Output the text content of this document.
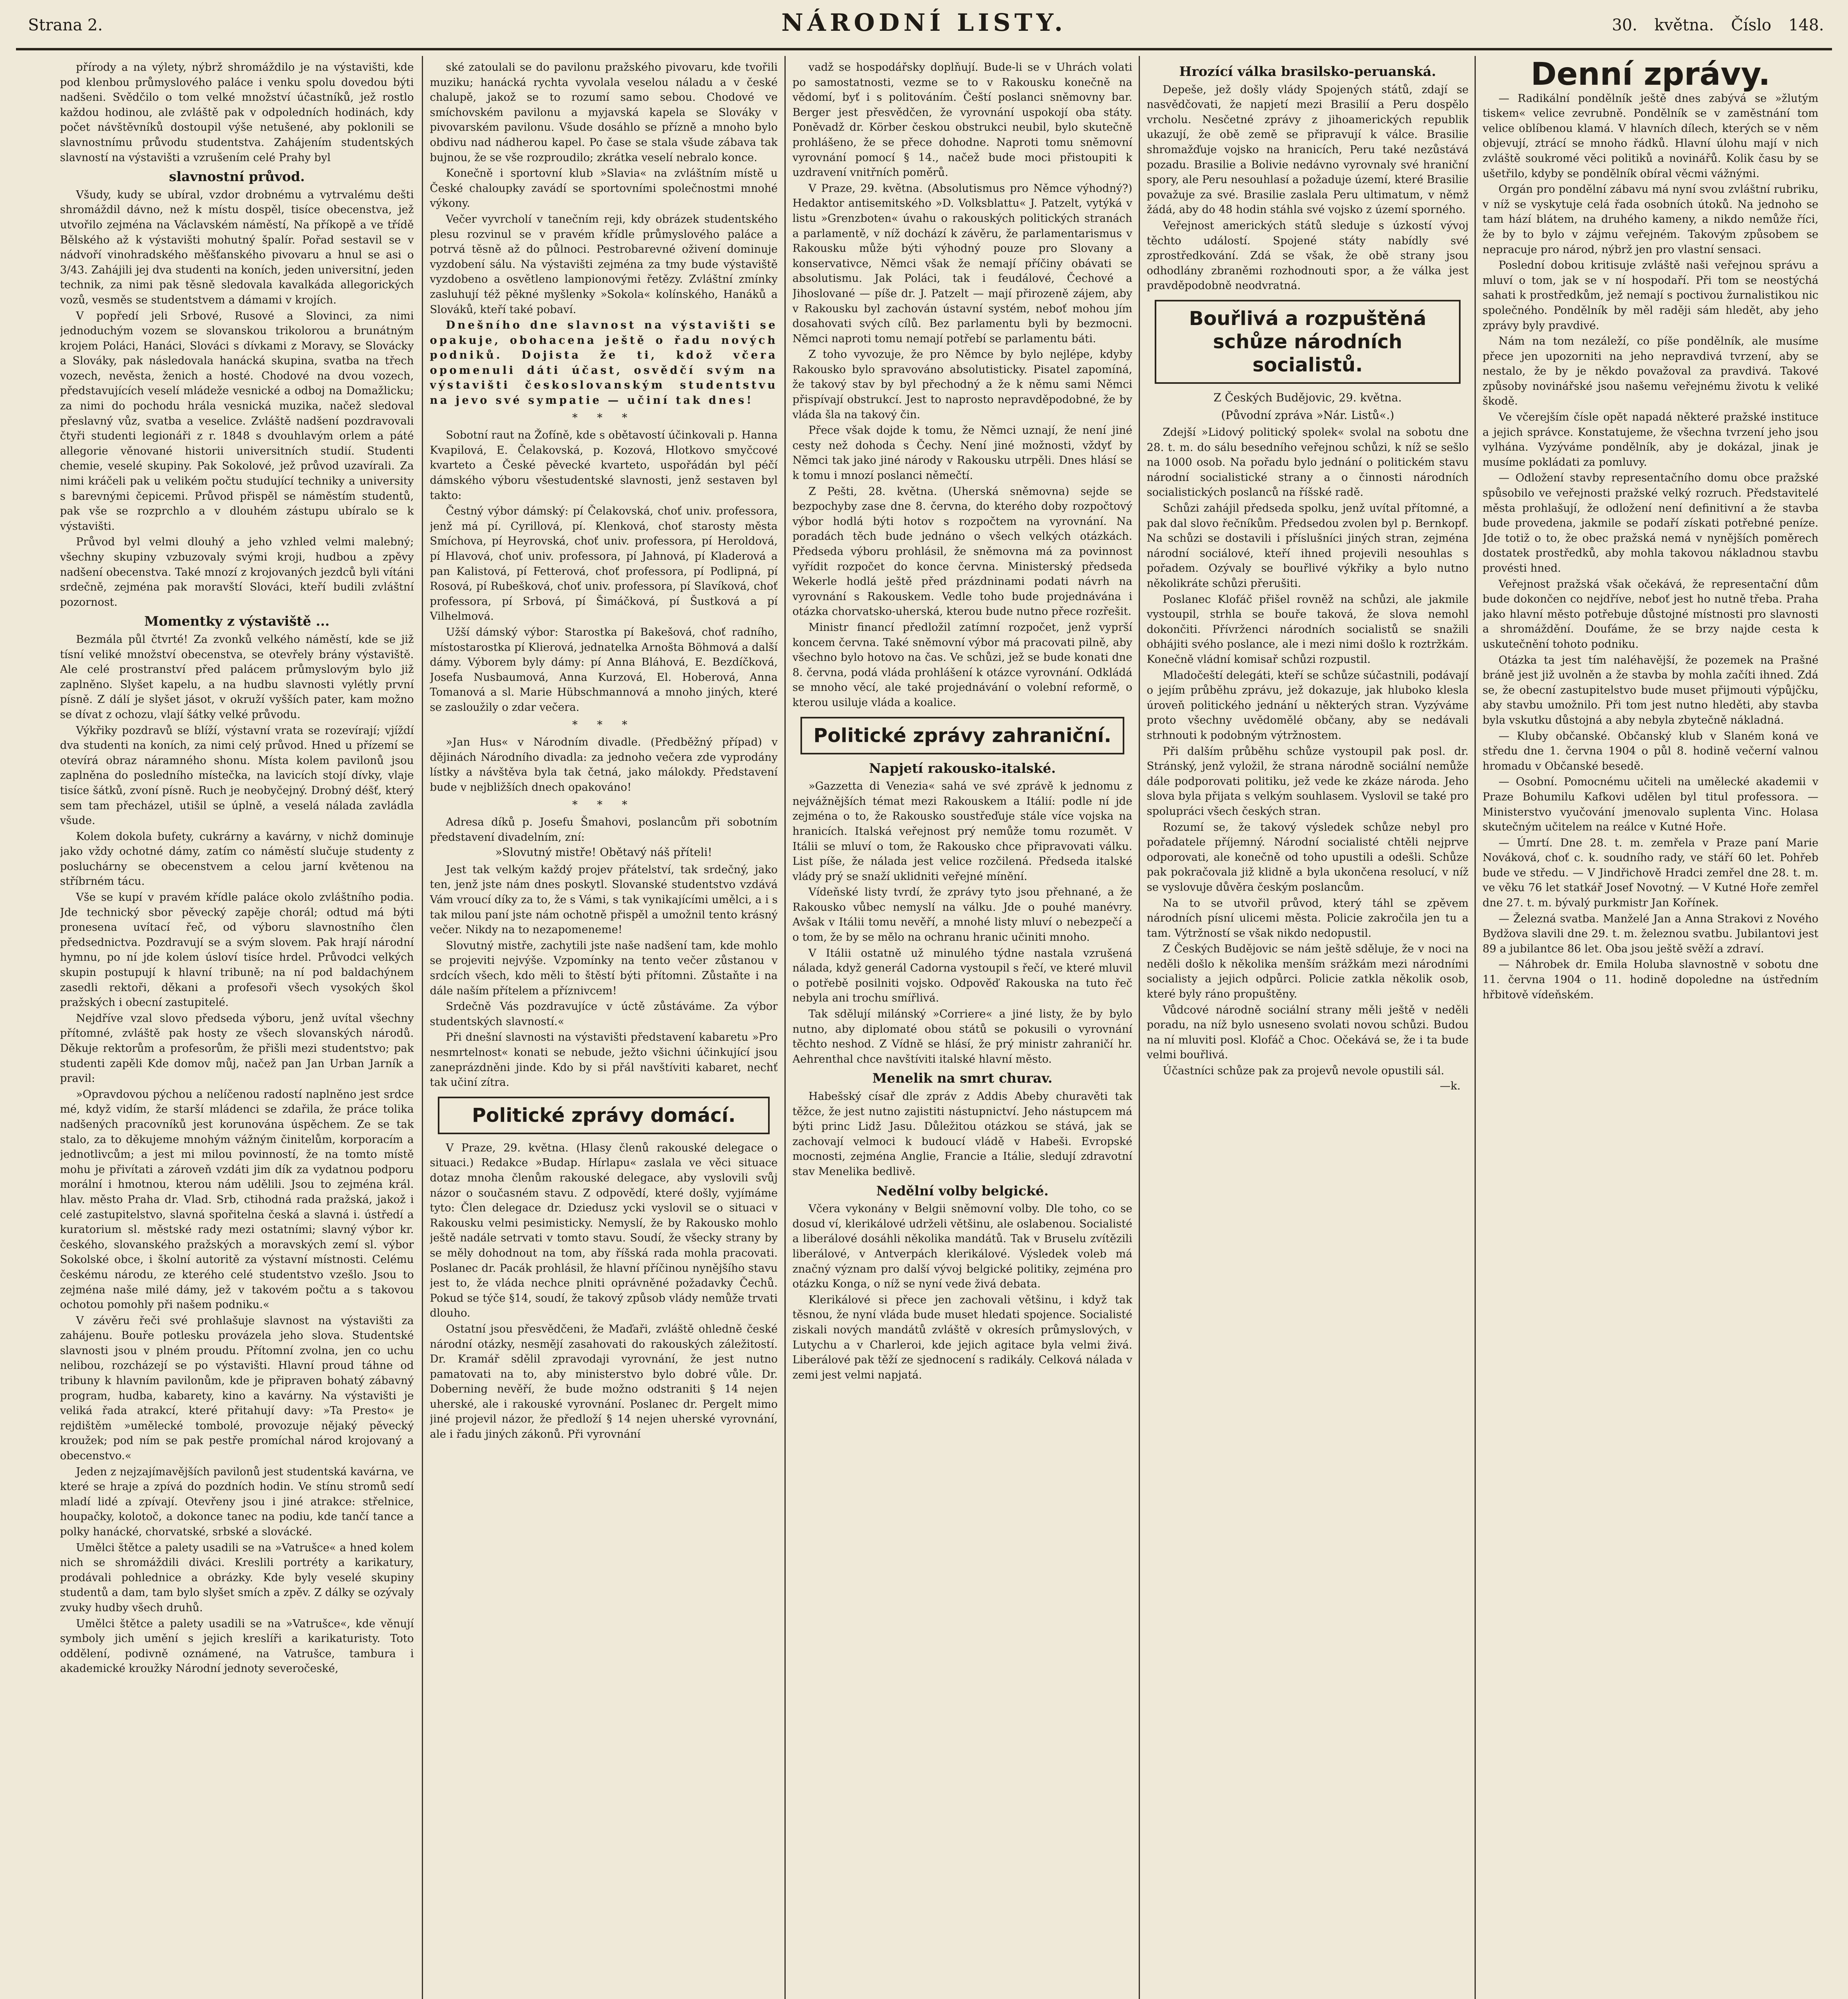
Strana 2.	NÁRODNÍ LISTY.	30. května. Číslo 148.

přírody a na výlety, nýbrž shromáždilo je na výstavišti, kde pod klenbou průmyslového paláce i venku spolu dovedou býti nadšeni. Svědčilo o tom velké množství účastníků, jež rostlo každou hodinou, ale zvláště pak v odpoledních hodinách, kdy počet návštěvníků dostoupil výše netušené, aby poklonili se slavnostnímu průvodu studentstva. Zahájením studentských slavností na výstavišti a vzrušením celé Prahy byl

slavnostní průvod.

Všudy, kudy se ubíral, vzdor drobnému a vytrvalému dešti shromáždil dávno, než k místu dospěl, tisíce obecenstva, jež utvořilo zejména na Václavském náměstí, Na příkopě a ve třídě Bělského až k výstavišti mohutný špalír. Pořad sestavil se v nádvoří vinohradského měšťanského pivovaru a hnul se asi o 3/43. Zahájili jej dva studenti na koních, jeden universitní, jeden technik, za nimi pak těsně sledovala kavalkáda allegorických vozů, vesměs se studentstvem a dámami v krojích.

V popředí jeli Srbové, Rusové a Slovinci, za nimi jednoduchým vozem se slovanskou trikolorou a brunátným krojem Poláci, Hanáci, Slováci s dívkami z Moravy, se Slovácky a Slováky, pak následovala hanácká skupina, svatba na třech vozech, nevěsta, ženich a hosté. Chodové na dvou vozech, představujících veselí mládeže vesnické a odboj na Domažlicku; za nimi do pochodu hrála vesnická muzika, načež sledoval přeslavný vůz, svatba a veselice. Zvláště nadšení pozdravovali čtyři studenti legionáři z r. 1848 s dvouhlavým orlem a páté allegorie věnované historii universitních studií. Studenti chemie, veselé skupiny. Pak Sokolové, jež průvod uzavírali. Za nimi kráčeli pak u velikém počtu studující techniky a university s barevnými čepicemi. Průvod přispěl se náměstím studentů, pak vše se rozprchlo a v dlouhém zástupu ubíralo se k výstavišti.

Průvod byl velmi dlouhý a jeho vzhled velmi malebný; všechny skupiny vzbuzovaly svými kroji, hudbou a zpěvy nadšení obecenstva. Také mnozí z krojovaných jezdců byli vítáni srdečně, zejména pak moravští Slováci, kteří budili zvláštní pozornost.

Momentky z výstaviště ...

Bezmála půl čtvrté! Za zvonků velkého náměstí, kde se již tísní veliké množství obecenstva, se otevřely brány výstaviště. Ale celé prostranství před palácem průmyslovým bylo již zaplněno. Slyšet kapelu, a na hudbu slavnosti vylétly první písně. Z dálí je slyšet jásot, v okruží vyšších pater, kam možno se dívat z ochozu, vlají šátky velké průvodu.

Výkřiky pozdravů se blíží, výstavní vrata se rozevírají; vjíždí dva studenti na koních, za nimi celý průvod. Hned u přízemí se otevírá obraz náramného shonu. Místa kolem pavilonů jsou zaplněna do posledního místečka, na lavicích stojí dívky, vlaje tisíce šátků, zvoní písně. Ruch je neobyčejný. Drobný déšť, který sem tam přecházel, utišil se úplně, a veselá nálada zavládla všude.

Kolem dokola bufety, cukrárny a kavárny, v nichž dominuje jako vždy ochotné dámy, zatím co náměstí slučuje studenty z posluchárny se obecenstvem a celou jarní květenou na stříbrném tácu.

Vše se kupí v pravém křídle paláce okolo zvláštního podia. Jde technický sbor pěvecký zapěje chorál; odtud má býti pronesena uvítací řeč, od výboru slavnostního člen předsednictva. Pozdravují se a svým slovem. Pak hrají národní hymnu, po ní jde kolem úsloví tisíce hrdel. Průvodci velkých skupin postupují k hlavní tribuně; na ní pod baldachýnem zasedli rektoři, děkani a profesoři všech vysokých škol pražských i obecní zastupitelé.

Nejdříve vzal slovo předseda výboru, jenž uvítal všechny přítomné, zvláště pak hosty ze všech slovanských národů. Děkuje rektorům a profesorům, že přišli mezi studentstvo; pak studenti zapěli Kde domov můj, načež pan Jan Urban Jarník a pravil:

»Opravdovou pýchou a nelíčenou radostí naplněno jest srdce mé, když vidím, že starší mládenci se zdařila, že práce tolika nadšených pracovníků jest korunována úspěchem. Ze se tak stalo, za to děkujeme mnohým vážným činitelům, korporacím a jednotlivcům; a jest mi milou povinností, že na tomto místě mohu je přivítati a zároveň vzdáti jim dík za vydatnou podporu morální i hmotnou, kterou nám udělili. Jsou to zejména král. hlav. město Praha dr. Vlad. Srb, ctihodná rada pražská, jakož i celé zastupitelstvo, slavná spořitelna česká a slavná i. ústředí a kuratorium sl. městské rady mezi ostatními; slavný výbor kr. českého, slovanského pražských a moravských zemí sl. výbor Sokolské obce, i školní autoritě za výstavní místnosti. Celému českému národu, ze kterého celé studentstvo vzešlo. Jsou to zejména naše milé dámy, jež v takovém počtu a s takovou ochotou pomohly při našem podniku.«

V závěru řeči své prohlašuje slavnost na výstavišti za zahájenu. Bouře potlesku provázela jeho slova. Studentské slavnosti jsou v plném proudu. Přítomní zvolna, jen co uchu nelibou, rozcházejí se po výstavišti. Hlavní proud táhne od tribuny k hlavním pavilonům, kde je připraven bohatý zábavný program, hudba, kabarety, kino a kavárny. Na výstavišti je veliká řada atrakcí, které přitahují davy: »Ta Presto« je rejdištěm »umělecké tombolé, provozuje nějaký pěvecký kroužek; pod ním se pak pestře promíchal národ krojovaný a obecenstvo.«

Jeden z nejzajímavějších pavilonů jest studentská kavárna, ve které se hraje a zpívá do pozdních hodin. Ve stínu stromů sedí mladí lidé a zpívají. Otevřeny jsou i jiné atrakce: střelnice, houpačky, kolotoč, a dokonce tanec na podiu, kde tančí tance a polky hanácké, chorvatské, srbské a slovácké.

Umělci štětce a palety usadili se na »Vatrušce« a hned kolem nich se shromáždili diváci. Kreslili portréty a karikatury, prodávali pohlednice a obrázky. Kde byly veselé skupiny studentů a dam, tam bylo slyšet smích a zpěv. Z dálky se ozývaly zvuky hudby všech druhů.

Umělci štětce a palety usadili se na »Vatrušce«, kde věnují symboly jich umění s jejich kreslíři a karikaturisty. Toto oddělení, podivně oznámené, na Vatrušce, tambura i akademické kroužky Národní jednoty severočeské,

ské zatoulali se do pavilonu pražského pivovaru, kde tvořili muziku; hanácká rychta vyvolala veselou náladu a v české chalupě, jakož se to rozumí samo sebou. Chodové ve smíchovském pavilonu a myjavská kapela se Slováky v pivovarském pavilonu. Všude dosáhlo se přízně a mnoho bylo obdivu nad nádherou kapel. Po čase se stala všude zábava tak bujnou, že se vše rozproudilo; zkrátka veselí nebralo konce.

Konečně i sportovní klub »Slavia« na zvláštním místě u České chaloupky zavádí se sportovními společnostmi mnohé výkony.

Večer vyvrcholí v tanečním reji, kdy obrázek studentského plesu rozvinul se v pravém křídle průmyslového paláce a potrvá těsně až do půlnoci. Pestrobarevné oživení dominuje vyzdobení sálu. Na výstavišti zejména za tmy bude výstaviště vyzdobeno a osvětleno lampionovými řetězy. Zvláštní zmínky zasluhují též pěkné myšlenky »Sokola« kolínského, Hanáků a Slováků, kteří také pobaví.

Dnešního dne slavnost na výstavišti se opakuje, obohacena ještě o řadu nových podniků. Dojista že ti, kdož včera opomenuli dáti účast, osvědčí svým na výstavišti českoslovanským studentstvu na jevo své sympatie — učiní tak dnes!

* * *

Sobotní raut na Žofíně, kde s obětavostí účinkovali p. Hanna Kvapilová, E. Čelakovská, p. Kozová, Hlotkovo smyčcové kvarteto a České pěvecké kvarteto, uspořádán byl péčí dámského výboru všestudentské slavnosti, jenž sestaven byl takto:

Čestný výbor dámský: pí Čelakovská, choť univ. professora, jenž má pí. Cyrillová, pí. Klenková, choť starosty města Smíchova, pí Heyrovská, choť univ. professora, pí Heroldová, pí Hlavová, choť univ. professora, pí Jahnová, pí Kladerová a pan Kalistová, pí Fetterová, choť professora, pí Podlipná, pí Rosová, pí Rubešková, choť univ. professora, pí Slavíková, choť professora, pí Srbová, pí Šimáčková, pí Šustková a pí Vilhelmová.

Užší dámský výbor: Starostka pí Bakešová, choť radního, místostarostka pí Klierová, jednatelka Arnošta Böhmová a další dámy. Výborem byly dámy: pí Anna Bláhová, E. Bezdíčková, Josefa Nusbaumová, Anna Kurzová, El. Hoberová, Anna Tomanová a sl. Marie Hübschmannová a mnoho jiných, které se zasloužily o zdar večera.

* * *

»Jan Hus« v Národním divadle. (Předběžný případ) v dějinách Národního divadla: za jednoho večera zde vyprodány lístky a návštěva byla tak četná, jako málokdy. Představení bude v nejbližších dnech opakováno!

* * *

Adresa díků p. Josefu Šmahovi, poslancům při sobotním představení divadelním, zní:

»Slovutný mistře! Obětavý náš příteli!

Jest tak velkým každý projev přátelství, tak srdečný, jako ten, jenž jste nám dnes poskytl. Slovanské studentstvo vzdává Vám vroucí díky za to, že s Vámi, s tak vynikajícími umělci, a i s tak milou paní jste nám ochotně přispěl a umožnil tento krásný večer. Nikdy na to nezapomeneme!

Slovutný mistře, zachytili jste naše nadšení tam, kde mohlo se projeviti nejvýše. Vzpomínky na tento večer zůstanou v srdcích všech, kdo měli to štěstí býti přítomni. Zůstaňte i na dále naším přítelem a příznivcem!

Srdečně Vás pozdravujíce v úctě zůstáváme. Za výbor studentských slavností.«

Při dnešní slavnosti na výstavišti představení kabaretu »Pro nesmrtelnost« konati se nebude, ježto všichni účinkující jsou zaneprázdněni jinde. Kdo by si přál navštíviti kabaret, nechť tak učiní zítra.

Politické zprávy domácí.

V Praze, 29. května. (Hlasy členů rakouské delegace o situaci.) Redakce »Budap. Hírlapu« zaslala ve věci situace dotaz mnoha členům rakouské delegace, aby vyslovili svůj názor o současném stavu. Z odpovědí, které došly, vyjímáme tyto: Člen delegace dr. Dziedusz ycki vyslovil se o situaci v Rakousku velmi pesimisticky. Nemyslí, že by Rakousko mohlo ještě nadále setrvati v tomto stavu. Soudí, že všecky strany by se měly dohodnout na tom, aby říšská rada mohla pracovati. Poslanec dr. Pacák prohlásil, že hlavní příčinou nynějšího stavu jest to, že vláda nechce plniti oprávněné požadavky Čechů. Pokud se týče §14, soudí, že takový způsob vlády nemůže trvati dlouho.

Ostatní jsou přesvědčeni, že Maďaři, zvláště ohledně české národní otázky, nesmějí zasahovati do rakouských záležitostí. Dr. Kramář sdělil zpravodaji vyrovnání, že jest nutno pamatovati na to, aby ministerstvo bylo dobré vůle. Dr. Doberning nevěří, že bude možno odstraniti § 14 nejen uherské, ale i rakouské vyrovnání. Poslanec dr. Pergelt mimo jiné projevil názor, že předloží § 14 nejen uherské vyrovnání, ale i řadu jiných zákonů. Při vyrovnání

vadž se hospodářsky doplňují. Bude-li se v Uhrách volati po samostatnosti, vezme se to v Rakousku konečně na vědomí, byť i s politováním. Čeští poslanci sněmovny bar. Berger jest přesvědčen, že vyrovnání uspokojí oba státy. Poněvadž dr. Körber českou obstrukci neubil, bylo skutečně prohlášeno, že se přece dohodne. Naproti tomu sněmovní vyrovnání pomocí § 14., načež bude moci přistoupiti k uzdravení vnitřních poměrů.

V Praze, 29. května. (Absolutismus pro Němce výhodný?) Hedaktor antisemitského »D. Volksblattu« J. Patzelt, vytýká v listu »Grenzboten« úvahu o rakouských politických stranách a parlamentě, v níž dochází k závěru, že parlamentarismus v Rakousku může býti výhodný pouze pro Slovany a konservativce, Němci však že nemají příčiny obávati se absolutismu. Jak Poláci, tak i feudálové, Čechové a Jihoslované — píše dr. J. Patzelt — mají přirozeně zájem, aby v Rakousku byl zachován ústavní systém, neboť mohou jím dosahovati svých cílů. Bez parlamentu byli by bezmocni. Němci naproti tomu nemají potřebí se parlamentu báti.

Z toho vyvozuje, že pro Němce by bylo nejlépe, kdyby Rakousko bylo spravováno absolutisticky. Pisatel zapomíná, že takový stav by byl přechodný a že k němu sami Němci přispívají obstrukcí. Jest to naprosto nepravděpodobné, že by vláda šla na takový čin.

Přece však dojde k tomu, že Němci uznají, že není jiné cesty než dohoda s Čechy. Není jiné možnosti, vždyť by Němci tak jako jiné národy v Rakousku utrpěli. Dnes hlásí se k tomu i mnozí poslanci němečtí.

Z Pešti, 28. května. (Uherská sněmovna) sejde se bezpochyby zase dne 8. června, do kterého doby rozpočtový výbor hodlá býti hotov s rozpočtem na vyrovnání. Na poradách těch bude jednáno o všech velkých otázkách. Předseda výboru prohlásil, že sněmovna má za povinnost vyřídit rozpočet do konce června. Ministerský předseda Wekerle hodlá ještě před prázdninami podati návrh na vyrovnání s Rakouskem. Vedle toho bude projednávána i otázka chorvatsko-uherská, kterou bude nutno přece rozřešit.

Ministr financí předložil zatímní rozpočet, jenž vyprší koncem června. Také sněmovní výbor má pracovati pilně, aby všechno bylo hotovo na čas. Ve schůzi, jež se bude konati dne 8. června, podá vláda prohlášení k otázce vyrovnání. Odkládá se mnoho věcí, ale také projednávání o volební reformě, o kterou usiluje vláda a koalice.

Politické zprávy zahraniční.
Napjetí rakousko-italské.

»Gazzetta di Venezia« sahá ve své zprávě k jednomu z nejvážnějších témat mezi Rakouskem a Itálií: podle ní jde zejména o to, že Rakousko soustřeďuje stále více vojska na hranicích. Italská veřejnost prý nemůže tomu rozumět. V Itálii se mluví o tom, že Rakousko chce připravovati válku. List píše, že nálada jest velice rozčilená. Předseda italské vlády prý se snaží uklidniti veřejné mínění.

Vídeňské listy tvrdí, že zprávy tyto jsou přehnané, a že Rakousko vůbec nemyslí na válku. Jde o pouhé manévry. Avšak v Itálii tomu nevěří, a mnohé listy mluví o nebezpečí a o tom, že by se mělo na ochranu hranic učiniti mnoho.

V Itálii ostatně už minulého týdne nastala vzrušená nálada, když generál Cadorna vystoupil s řečí, ve které mluvil o potřebě posilniti vojsko. Odpověď Rakouska na tuto řeč nebyla ani trochu smířlivá.

Tak sdělují milánský »Corriere« a jiné listy, že by bylo nutno, aby diplomaté obou států se pokusili o vyrovnání těchto neshod. Z Vídně se hlásí, že prý ministr zahraničí hr. Aehrenthal chce navštíviti italské hlavní město.

Menelik na smrt churav.

Habešský císař dle zpráv z Addis Abeby churavěti tak těžce, že jest nutno zajistiti nástupnictví. Jeho nástupcem má býti princ Lidž Jasu. Důležitou otázkou se stává, jak se zachovají velmoci k budoucí vládě v Habeši. Evropské mocnosti, zejména Anglie, Francie a Itálie, sledují zdravotní stav Menelika bedlivě.

Nedělní volby belgické.

Včera vykonány v Belgii sněmovní volby. Dle toho, co se dosud ví, klerikálové udrželi většinu, ale oslabenou. Socialisté a liberálové dosáhli několika mandátů. Tak v Bruselu zvítězili liberálové, v Antverpách klerikálové. Výsledek voleb má značný význam pro další vývoj belgické politiky, zejména pro otázku Konga, o níž se nyní vede živá debata.

Klerikálové si přece jen zachovali většinu, i když tak těsnou, že nyní vláda bude muset hledati spojence. Socialisté ziskali nových mandátů zvláště v okresích průmyslových, v Lutychu a v Charleroi, kde jejich agitace byla velmi živá. Liberálové pak těží ze sjednocení s radikály. Celková nálada v zemi jest velmi napjatá.

Hrozící válka brasilsko-peruanská.

Depeše, jež došly vlády Spojených států, zdají se nasvědčovati, že napjetí mezi Brasilií a Peru dospělo vrcholu. Nesčetné zprávy z jihoamerických republik ukazují, že obě země se připravují k válce. Brasilie shromažďuje vojsko na hranicích, Peru také nezůstává pozadu. Brasilie a Bolivie nedávno vyrovnaly své hraniční spory, ale Peru nesouhlasí a požaduje území, které Brasilie považuje za své. Brasilie zaslala Peru ultimatum, v němž žádá, aby do 48 hodin stáhla své vojsko z území sporného.

Veřejnost amerických států sleduje s úzkostí vývoj těchto událostí. Spojené státy nabídly své zprostředkování. Zdá se však, že obě strany jsou odhodlány zbraněmi rozhodnouti spor, a že válka jest pravděpodobně neodvratná.

Bouřlivá a rozpuštěná schůze národních socialistů.
Z Českých Budějovic, 29. května.
(Původní zpráva »Nár. Listů«.)

Zdejší »Lidový politický spolek« svolal na sobotu dne 28. t. m. do sálu besedního veřejnou schůzi, k níž se sešlo na 1000 osob. Na pořadu bylo jednání o politickém stavu národní socialistické strany a o činnosti národních socialistických poslanců na říšské radě.

Schůzi zahájil předseda spolku, jenž uvítal přítomné, a pak dal slovo řečníkům. Předsedou zvolen byl p. Bernkopf. Na schůzi se dostavili i příslušníci jiných stran, zejména národní sociálové, kteří ihned projevili nesouhlas s pořadem. Ozývaly se bouřlivé výkřiky a bylo nutno několikráte schůzi přerušiti.

Poslanec Klofáč přišel rovněž na schůzi, ale jakmile vystoupil, strhla se bouře taková, že slova nemohl dokončiti. Přívrženci národních socialistů se snažili obhájiti svého poslance, ale i mezi nimi došlo k roztržkám. Konečně vládní komisař schůzi rozpustil.

Mladočeští delegáti, kteří se schůze súčastnili, podávají o jejím průběhu zprávu, jež dokazuje, jak hluboko klesla úroveň politického jednání u některých stran. Vyzýváme proto všechny uvědomělé občany, aby se nedávali strhnouti k podobným výtržnostem.

Při dalším průběhu schůze vystoupil pak posl. dr. Stránský, jenž vyložil, že strana národně sociální nemůže dále podporovati politiku, jež vede ke zkáze národa. Jeho slova byla přijata s velkým souhlasem. Vyslovil se také pro spolupráci všech českých stran.

Rozumí se, že takový výsledek schůze nebyl pro pořadatele příjemný. Národní socialisté chtěli nejprve odporovati, ale konečně od toho upustili a odešli. Schůze pak pokračovala již klidně a byla ukončena resolucí, v níž se vyslovuje důvěra českým poslancům.

Na to se utvořil průvod, který táhl se zpěvem národních písní ulicemi města. Policie zakročila jen tu a tam. Výtržností se však nikdo nedopustil.

Z Českých Budějovic se nám ještě sděluje, že v noci na neděli došlo k několika menším srážkám mezi národními socialisty a jejich odpůrci. Policie zatkla několik osob, které byly ráno propuštěny.

Vůdcové národně sociální strany měli ještě v neděli poradu, na níž bylo usneseno svolati novou schůzi. Budou na ní mluviti posl. Klofáč a Choc. Očekává se, že i ta bude velmi bouřlivá.

Účastníci schůze pak za projevů nevole opustili sál.

—k.
Denní zprávy.

— Radikální pondělník ještě dnes zabývá se »žlutým tiskem« velice zevrubně. Pondělník se v zaměstnání tom velice oblíbenou klamá. V hlavních dílech, kterých se v něm objevují, ztrácí se mnoho řádků. Hlavní úlohu mají v nich zvláště soukromé věci politiků a novinářů. Kolik času by se ušetřilo, kdyby se pondělník obíral věcmi vážnými.

Orgán pro pondělní zábavu má nyní svou zvláštní rubriku, v níž se vyskytuje celá řada osobních útoků. Na jednoho se tam hází blátem, na druhého kameny, a nikdo nemůže říci, že by to bylo v zájmu veřejném. Takovým způsobem se nepracuje pro národ, nýbrž jen pro vlastní sensaci.

Poslední dobou kritisuje zvláště naši veřejnou správu a mluví o tom, jak se v ní hospodaří. Při tom se neostýchá sahati k prostředkům, jež nemají s poctivou žurnalistikou nic společného. Pondělník by měl raději sám hledět, aby jeho zprávy byly pravdivé.

Nám na tom nezáleží, co píše pondělník, ale musíme přece jen upozorniti na jeho nepravdivá tvrzení, aby se nestalo, že by je někdo považoval za pravdivá. Takové způsoby novinářské jsou našemu veřejnému životu k veliké škodě.

Ve včerejším čísle opět napadá některé pražské instituce a jejich správce. Konstatujeme, že všechna tvrzení jeho jsou vylhána. Vyzýváme pondělník, aby je dokázal, jinak je musíme pokládati za pomluvy.

— Odložení stavby representačního domu obce pražské spůsobilo ve veřejnosti pražské velký rozruch. Představitelé města prohlašují, že odložení není definitivní a že stavba bude provedena, jakmile se podaří získati potřebné peníze. Jde totiž o to, že obec pražská nemá v nynějších poměrech dostatek prostředků, aby mohla takovou nákladnou stavbu provésti hned.

Veřejnost pražská však očekává, že representační dům bude dokončen co nejdříve, neboť jest ho nutně třeba. Praha jako hlavní město potřebuje důstojné místnosti pro slavnosti a shromáždění. Doufáme, že se brzy najde cesta k uskutečnění tohoto podniku.

Otázka ta jest tím naléhavější, že pozemek na Prašné bráně jest již uvolněn a že stavba by mohla začíti ihned. Zdá se, že obecní zastupitelstvo bude muset přijmouti výpůjčku, aby stavbu umožnilo. Při tom jest nutno hleděti, aby stavba byla vskutku důstojná a aby nebyla zbytečně nákladná.

— Kluby občanské. Občanský klub v Slaném koná ve středu dne 1. června 1904 o půl 8. hodině večerní valnou hromadu v Občanské besedě.

— Osobní. Pomocnému učiteli na umělecké akademii v Praze Bohumilu Kafkovi udělen byl titul professora. — Ministerstvo vyučování jmenovalo suplenta Vinc. Holasa skutečným učitelem na reálce v Kutné Hoře.

— Úmrtí. Dne 28. t. m. zemřela v Praze paní Marie Nováková, choť c. k. soudního rady, ve stáří 60 let. Pohřeb bude ve středu. — V Jindřichově Hradci zemřel dne 28. t. m. ve věku 76 let statkář Josef Novotný. — V Kutné Hoře zemřel dne 27. t. m. bývalý purkmistr Jan Kořínek.

— Železná svatba. Manželé Jan a Anna Strakovi z Nového Bydžova slavili dne 29. t. m. železnou svatbu. Jubilantovi jest 89 a jubilantce 86 let. Oba jsou ještě svěží a zdraví.

— Náhrobek dr. Emila Holuba slavnostně v sobotu dne 11. června 1904 o 11. hodině dopoledne na ústředním hřbitově vídeňském.
